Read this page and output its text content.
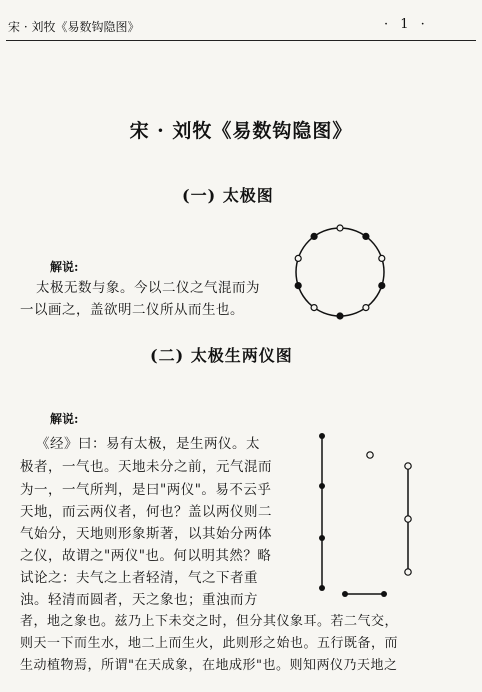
宋 · 刘牧《易数钩隐图》	· 1 ·
宋 · 刘牧《易数钩隐图》
(一) 太极图
解说:
太极无数与象。今以二仪之气混而为
一以画之，盖欲明二仪所从而生也。
(二) 太极生两仪图
解说:
《经》曰：易有太极，是生两仪。太
极者，一气也。天地未分之前，元气混而
为一，一气所判，是曰"两仪"。易不云乎
天地，而云两仪者，何也？盖以两仪则二
气始分，天地则形象斯著，以其始分两体
之仪，故谓之"两仪"也。何以明其然？略
试论之：夫气之上者轻清，气之下者重
浊。轻清而圆者，天之象也；重浊而方
者，地之象也。兹乃上下未交之时，但分其仪象耳。若二气交，
则天一下而生水，地二上而生火，此则形之始也。五行既备，而
生动植物焉，所谓"在天成象，在地成形"也。则知两仪乃天地之
